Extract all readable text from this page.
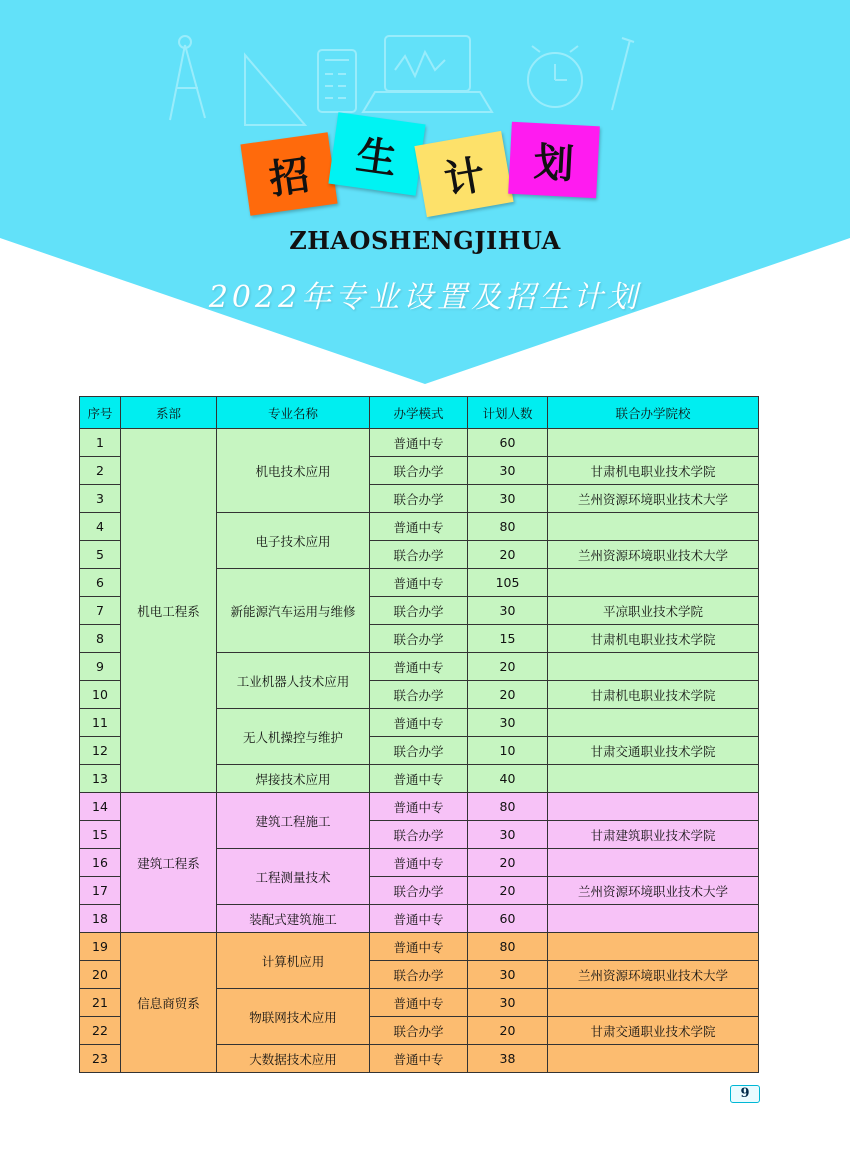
招 生 计 划
ZHAOSHENGJIHUA
2022年专业设置及招生计划
序号	系部	专业名称	办学模式	计划人数	联合办学院校
1	机电工程系	机电技术应用	普通中专	60	
2			联合办学	30	甘肃机电职业技术学院
3			联合办学	30	兰州资源环境职业技术大学
4		电子技术应用	普通中专	80	
5			联合办学	20	兰州资源环境职业技术大学
6		新能源汽车运用与维修	普通中专	105	
7			联合办学	30	平凉职业技术学院
8			联合办学	15	甘肃机电职业技术学院
9		工业机器人技术应用	普通中专	20	
10			联合办学	20	甘肃机电职业技术学院
11		无人机操控与维护	普通中专	30	
12			联合办学	10	甘肃交通职业技术学院
13		焊接技术应用	普通中专	40	
14	建筑工程系	建筑工程施工	普通中专	80	
15			联合办学	30	甘肃建筑职业技术学院
16		工程测量技术	普通中专	20	
17			联合办学	20	兰州资源环境职业技术大学
18		装配式建筑施工	普通中专	60	
19	信息商贸系	计算机应用	普通中专	80	
20			联合办学	30	兰州资源环境职业技术大学
21		物联网技术应用	普通中专	30	
22			联合办学	20	甘肃交通职业技术学院
23		大数据技术应用	普通中专	38	
9
